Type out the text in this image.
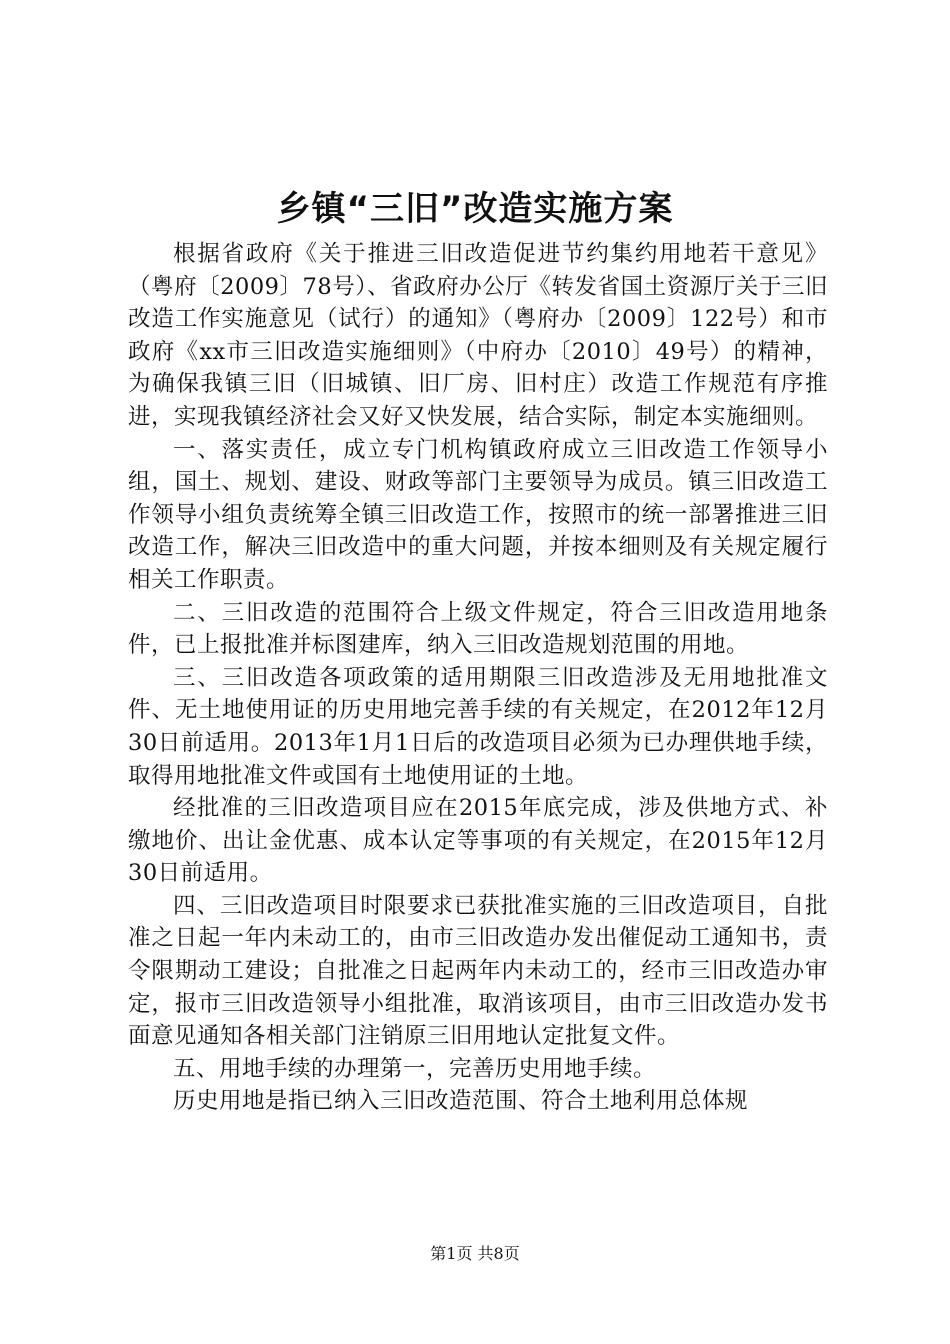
乡镇“三旧”改造实施方案

根据省政府《关于推进三旧改造促进节约集约用地若干意见》（粤府〔2009〕78号）、省政府办公厅《转发省国土资源厅关于三旧改造工作实施意见（试行）的通知》（粤府办〔2009〕122号）和市政府《xx市三旧改造实施细则》（中府办〔2010〕49号）的精神，为确保我镇三旧（旧城镇、旧厂房、旧村庄）改造工作规范有序推进，实现我镇经济社会又好又快发展，结合实际，制定本实施细则。

一、落实责任，成立专门机构镇政府成立三旧改造工作领导小组，国土、规划、建设、财政等部门主要领导为成员。镇三旧改造工作领导小组负责统筹全镇三旧改造工作，按照市的统一部署推进三旧改造工作，解决三旧改造中的重大问题，并按本细则及有关规定履行相关工作职责。

二、三旧改造的范围符合上级文件规定，符合三旧改造用地条件，已上报批准并标图建库，纳入三旧改造规划范围的用地。

三、三旧改造各项政策的适用期限三旧改造涉及无用地批准文件、无土地使用证的历史用地完善手续的有关规定，在2012年12月30日前适用。2013年1月1日后的改造项目必须为已办理供地手续，取得用地批准文件或国有土地使用证的土地。

经批准的三旧改造项目应在2015年底完成，涉及供地方式、补缴地价、出让金优惠、成本认定等事项的有关规定，在2015年12月30日前适用。

四、三旧改造项目时限要求已获批准实施的三旧改造项目，自批准之日起一年内未动工的，由市三旧改造办发出催促动工通知书，责令限期动工建设；自批准之日起两年内未动工的，经市三旧改造办审定，报市三旧改造领导小组批准，取消该项目，由市三旧改造办发书面意见通知各相关部门注销原三旧用地认定批复文件。

五、用地手续的办理第一，完善历史用地手续。

历史用地是指已纳入三旧改造范围、符合土地利用总体规

第1页 共8页
